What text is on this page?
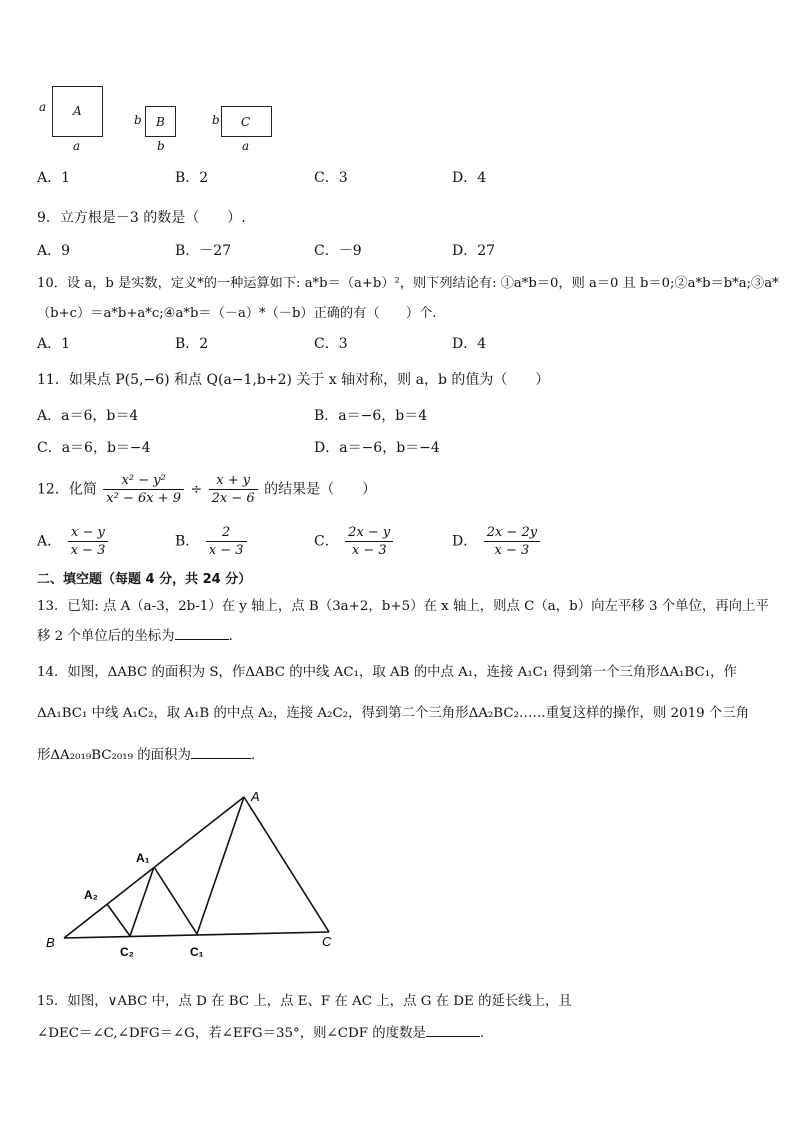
a A
a
b B
b
b C
a
A．1	B．2	C．3	D．4
9．立方根是－3 的数是（　　）.
A．9	B．－27	C．－9	D．27
10．设 a，b 是实数，定义*的一种运算如下: a*b＝（a+b）²，则下列结论有: ①a*b＝0，则 a＝0 且 b＝0;②a*b＝b*a;③a*
（b+c）＝a*b+a*c;④a*b＝（－a）*（－b）正确的有（　　）个.
A．1	B．2	C．3	D．4
11．如果点 P(5,−6) 和点 Q(a−1,b+2) 关于 x 轴对称，则 a，b 的值为（　　）
A．a＝6，b＝4	B．a＝−6，b＝4
C．a＝6，b＝−4	D．a＝−6，b＝−4
12．化简 $\frac{\text{x² − y²}}{\text{x² − 6x + 9}} \div \frac{x + y}{2x - 6}$ 的结果是（　　）
A． $\frac{x - y}{x - 3}$	B． $\frac{2}{x - 3}$	C． $\frac{2x - y}{x - 3}$	D． $\frac{2x - 2y}{x - 3}$
二、填空题（每题 4 分，共 24 分）
13．已知: 点 A（a-3，2b-1）在 y 轴上，点 B（3a+2，b+5）在 x 轴上，则点 C（a，b）向左平移 3 个单位，再向上平
移 2 个单位后的坐标为	.
14．如图，ΔABC 的面积为 S，作ΔABC 的中线 AC₁，取 AB 的中点 A₁，连接 A₁C₁ 得到第一个三角形ΔA₁BC₁，作
ΔA₁BC₁ 中线 A₁C₂，取 A₁B 的中点 A₂，连接 A₂C₂，得到第二个三角形ΔA₂BC₂……重复这样的操作，则 2019 个三角
形ΔA₂₀₁₉BC₂₀₁₉ 的面积为	.
A
A₁
A₂
B
C₂	C₁
C
15．如图，∨ABC 中，点 D 在 BC 上，点 E、F 在 AC 上，点 G 在 DE 的延长线上，且
∠DEC＝∠C,∠DFG＝∠G，若∠EFG＝35°，则∠CDF 的度数是	.
